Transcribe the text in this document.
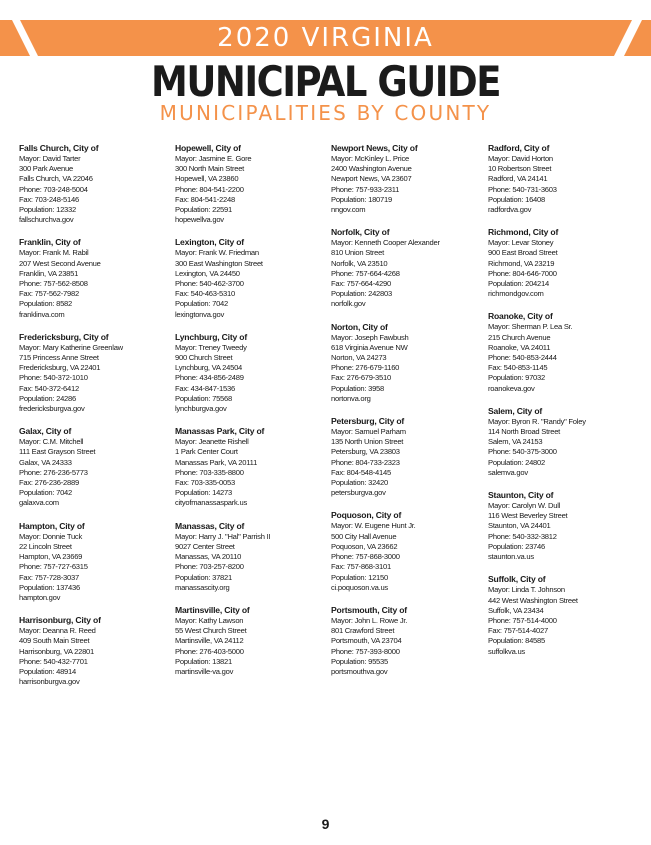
2020 VIRGINIA
MUNICIPAL GUIDE
MUNICIPALITIES BY COUNTY
Falls Church, City of
Mayor: David Tarter
300 Park Avenue
Falls Church, VA 22046
Phone: 703-248-5004
Fax: 703-248-5146
Population: 12332
fallschurchva.gov
Franklin, City of
Mayor: Frank M. Rabil
207 West Second Avenue
Franklin, VA 23851
Phone: 757-562-8508
Fax: 757-562-7982
Population: 8582
franklinva.com
Fredericksburg, City of
Mayor: Mary Katherine Greenlaw
715 Princess Anne Street
Fredericksburg, VA 22401
Phone: 540-372-1010
Fax: 540-372-6412
Population: 24286
fredericksburgva.gov
Galax, City of
Mayor: C.M. Mitchell
111 East Grayson Street
Galax, VA 24333
Phone: 276-236-5773
Fax: 276-236-2889
Population: 7042
galaxva.com
Hampton, City of
Mayor: Donnie Tuck
22 Lincoln Street
Hampton, VA 23669
Phone: 757-727-6315
Fax: 757-728-3037
Population: 137436
hampton.gov
Harrisonburg, City of
Mayor: Deanna R. Reed
409 South Main Street
Harrisonburg, VA 22801
Phone: 540-432-7701
Population: 48914
harrisonburgva.gov
Hopewell, City of
Mayor: Jasmine E. Gore
300 North Main Street
Hopewell, VA 23860
Phone: 804-541-2200
Fax: 804-541-2248
Population: 22591
hopewellva.gov
Lexington, City of
Mayor: Frank W. Friedman
300 East Washington Street
Lexington, VA 24450
Phone: 540-462-3700
Fax: 540-463-5310
Population: 7042
lexingtonva.gov
Lynchburg, City of
Mayor: Treney Tweedy
900 Church Street
Lynchburg, VA 24504
Phone: 434-856-2489
Fax: 434-847-1536
Population: 75568
lynchburgva.gov
Manassas Park, City of
Mayor: Jeanette Rishell
1 Park Center Court
Manassas Park, VA 20111
Phone: 703-335-8800
Fax: 703-335-0053
Population: 14273
cityofmanassaspark.us
Manassas, City of
Mayor: Harry J. "Hal" Parrish II
9027 Center Street
Manassas, VA 20110
Phone: 703-257-8200
Population: 37821
manassascity.org
Martinsville, City of
Mayor: Kathy Lawson
55 West Church Street
Martinsville, VA 24112
Phone: 276-403-5000
Population: 13821
martinsville-va.gov
Newport News, City of
Mayor: McKinley L. Price
2400 Washington Avenue
Newport News, VA 23607
Phone: 757-933-2311
Population: 180719
nngov.com
Norfolk, City of
Mayor: Kenneth Cooper Alexander
810 Union Street
Norfolk, VA 23510
Phone: 757-664-4268
Fax: 757-664-4290
Population: 242803
norfolk.gov
Norton, City of
Mayor: Joseph Fawbush
618 Virginia Avenue NW
Norton, VA 24273
Phone: 276-679-1160
Fax: 276-679-3510
Population: 3958
nortonva.org
Petersburg, City of
Mayor: Samuel Parham
135 North Union Street
Petersburg, VA 23803
Phone: 804-733-2323
Fax: 804-548-4145
Population: 32420
petersburgva.gov
Poquoson, City of
Mayor: W. Eugene Hunt Jr.
500 City Hall Avenue
Poquoson, VA 23662
Phone: 757-868-3000
Fax: 757-868-3101
Population: 12150
ci.poquoson.va.us
Portsmouth, City of
Mayor: John L. Rowe Jr.
801 Crawford Street
Portsmouth, VA 23704
Phone: 757-393-8000
Population: 95535
portsmouthva.gov
Radford, City of
Mayor: David Horton
10 Robertson Street
Radford, VA 24141
Phone: 540-731-3603
Population: 16408
radfordva.gov
Richmond, City of
Mayor: Levar Stoney
900 East Broad Street
Richmond, VA 23219
Phone: 804-646-7000
Population: 204214
richmondgov.com
Roanoke, City of
Mayor: Sherman P. Lea Sr.
215 Church Avenue
Roanoke, VA 24011
Phone: 540-853-2444
Fax: 540-853-1145
Population: 97032
roanokeva.gov
Salem, City of
Mayor: Byron R. "Randy" Foley
114 North Broad Street
Salem, VA 24153
Phone: 540-375-3000
Population: 24802
salemva.gov
Staunton, City of
Mayor: Carolyn W. Dull
116 West Beverley Street
Staunton, VA 24401
Phone: 540-332-3812
Population: 23746
staunton.va.us
Suffolk, City of
Mayor: Linda T. Johnson
442 West Washington Street
Suffolk, VA 23434
Phone: 757-514-4000
Fax: 757-514-4027
Population: 84585
suffolkva.us
9
